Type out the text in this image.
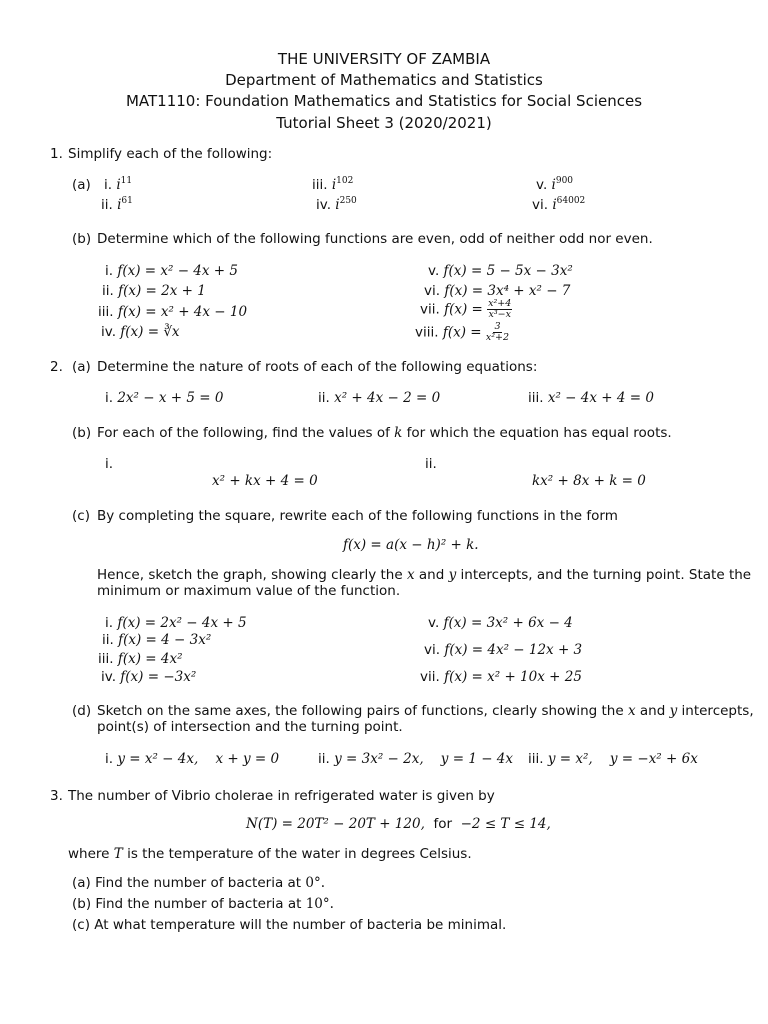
THE UNIVERSITY OF ZAMBIA
Department of Mathematics and Statistics
MAT1110: Foundation Mathematics and Statistics for Social Sciences
Tutorial Sheet 3 (2020/2021)
1. Simplify each of the following:
(a) i. $i^{11}$
ii. $i^{61}$
iii. $i^{102}$
iv. $i^{250}$
v. $i^{900}$
vi. $i^{64002}$
(b) Determine which of the following functions are even, odd of neither odd nor even.
i. f(x) = x² − 4x + 5
ii. f(x) = 2x + 1
iii. f(x) = x² + 4x − 10
iv. f(x) = ∛x
v. f(x) = 5 − 5x − 3x²
vi. f(x) = 3x⁴ + x² − 7
vii. $f(x) = \frac{\text{x²+4}}{\text{x³−x}}$
viii. $f(x) = \frac{3}{\text{x²+2}}$
2. (a) Determine the nature of roots of each of the following equations:
i. 2x² − x + 5 = 0	ii. x² + 4x − 2 = 0	iii. x² − 4x + 4 = 0
(b) For each of the following, find the values of k for which the equation has equal roots.
i.
x² + kx + 4 = 0
ii.
kx² + 8x + k = 0
(c) By completing the square, rewrite each of the following functions in the form
f(x) = a(x − h)² + k.
Hence, sketch the graph, showing clearly the x and y intercepts, and the turning point. State the
minimum or maximum value of the function.
i. f(x) = 2x² − 4x + 5
ii. f(x) = 4 − 3x²
iii. f(x) = 4x²
iv. f(x) = −3x²
v. f(x) = 3x² + 6x − 4
vi. f(x) = 4x² − 12x + 3
vii. f(x) = x² + 10x + 25
(d) Sketch on the same axes, the following pairs of functions, clearly showing the x and y intercepts,
point(s) of intersection and the turning point.
i. y = x² − 4x, x + y = 0	ii. y = 3x² − 2x, y = 1 − 4x iii. y = x², y = −x² + 6x
3. The number of Vibrio cholerae in refrigerated water is given by
N(T) = 20T² − 20T + 120, for −2 ≤ T ≤ 14,
where T is the temperature of the water in degrees Celsius.
(a) Find the number of bacteria at 0°.
(b) Find the number of bacteria at 10°.
(c) At what temperature will the number of bacteria be minimal.
